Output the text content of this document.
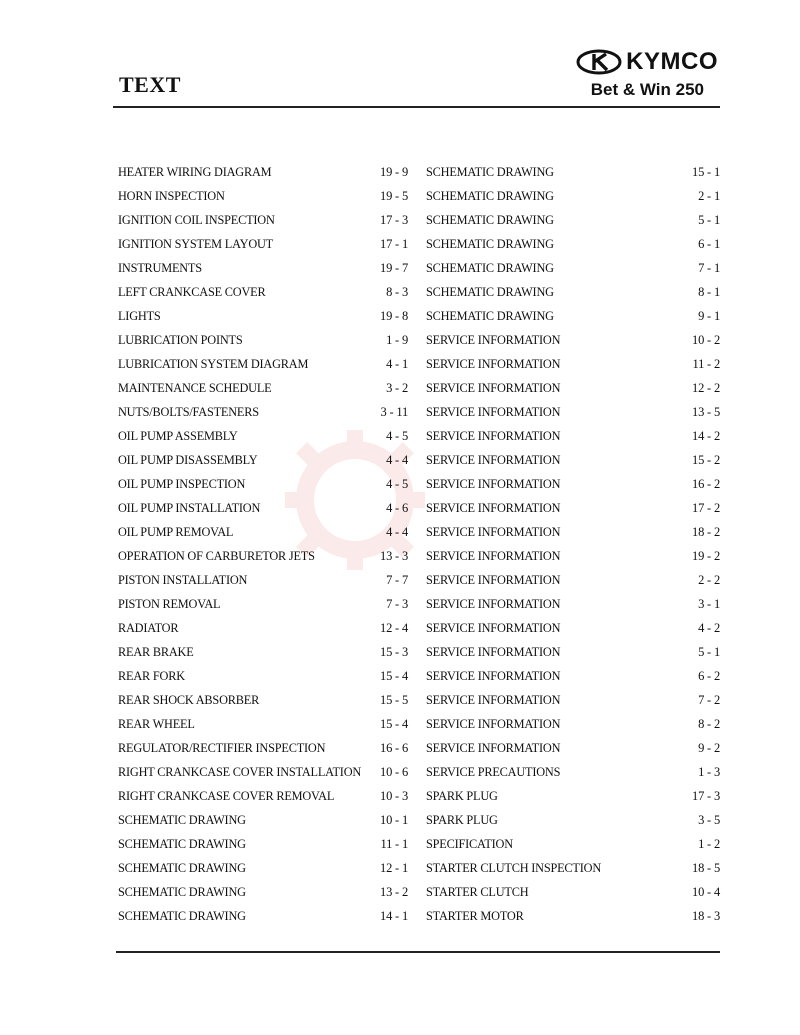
TEXT
KYMCO
Bet & Win 250
HEATER WIRING DIAGRAM	19 - 9
HORN INSPECTION	19 - 5
IGNITION COIL INSPECTION	17 - 3
IGNITION SYSTEM LAYOUT	17 - 1
INSTRUMENTS	19 - 7
LEFT CRANKCASE COVER	8 - 3
LIGHTS	19 - 8
LUBRICATION POINTS	1 - 9
LUBRICATION SYSTEM DIAGRAM	4 - 1
MAINTENANCE SCHEDULE	3 - 2
NUTS/BOLTS/FASTENERS	3 - 11
OIL PUMP ASSEMBLY	4 - 5
OIL PUMP DISASSEMBLY	4 - 4
OIL PUMP INSPECTION	4 - 5
OIL PUMP INSTALLATION	4 - 6
OIL PUMP REMOVAL	4 - 4
OPERATION OF CARBURETOR JETS	13 - 3
PISTON INSTALLATION	7 - 7
PISTON REMOVAL	7 - 3
RADIATOR	12 - 4
REAR BRAKE	15 - 3
REAR FORK	15 - 4
REAR SHOCK ABSORBER	15 - 5
REAR WHEEL	15 - 4
REGULATOR/RECTIFIER INSPECTION	16 - 6
RIGHT CRANKCASE COVER INSTALLATION	10 - 6
RIGHT CRANKCASE COVER REMOVAL	10 - 3
SCHEMATIC DRAWING	10 - 1
SCHEMATIC DRAWING	11 - 1
SCHEMATIC DRAWING	12 - 1
SCHEMATIC DRAWING	13 - 2
SCHEMATIC DRAWING	14 - 1
SCHEMATIC DRAWING	15 - 1
SCHEMATIC DRAWING	2 - 1
SCHEMATIC DRAWING	5 - 1
SCHEMATIC DRAWING	6 - 1
SCHEMATIC DRAWING	7 - 1
SCHEMATIC DRAWING	8 - 1
SCHEMATIC DRAWING	9 - 1
SERVICE INFORMATION	10 - 2
SERVICE INFORMATION	11 - 2
SERVICE INFORMATION	12 - 2
SERVICE INFORMATION	13 - 5
SERVICE INFORMATION	14 - 2
SERVICE INFORMATION	15 - 2
SERVICE INFORMATION	16 - 2
SERVICE INFORMATION	17 - 2
SERVICE INFORMATION	18 - 2
SERVICE INFORMATION	19 - 2
SERVICE INFORMATION	2 - 2
SERVICE INFORMATION	3 - 1
SERVICE INFORMATION	4 - 2
SERVICE INFORMATION	5 - 1
SERVICE INFORMATION	6 - 2
SERVICE INFORMATION	7 - 2
SERVICE INFORMATION	8 - 2
SERVICE INFORMATION	9 - 2
SERVICE PRECAUTIONS	1 - 3
SPARK PLUG	17 - 3
SPARK PLUG	3 - 5
SPECIFICATION	1 - 2
STARTER CLUTCH INSPECTION	18 - 5
STARTER CLUTCH	10 - 4
STARTER MOTOR	18 - 3
